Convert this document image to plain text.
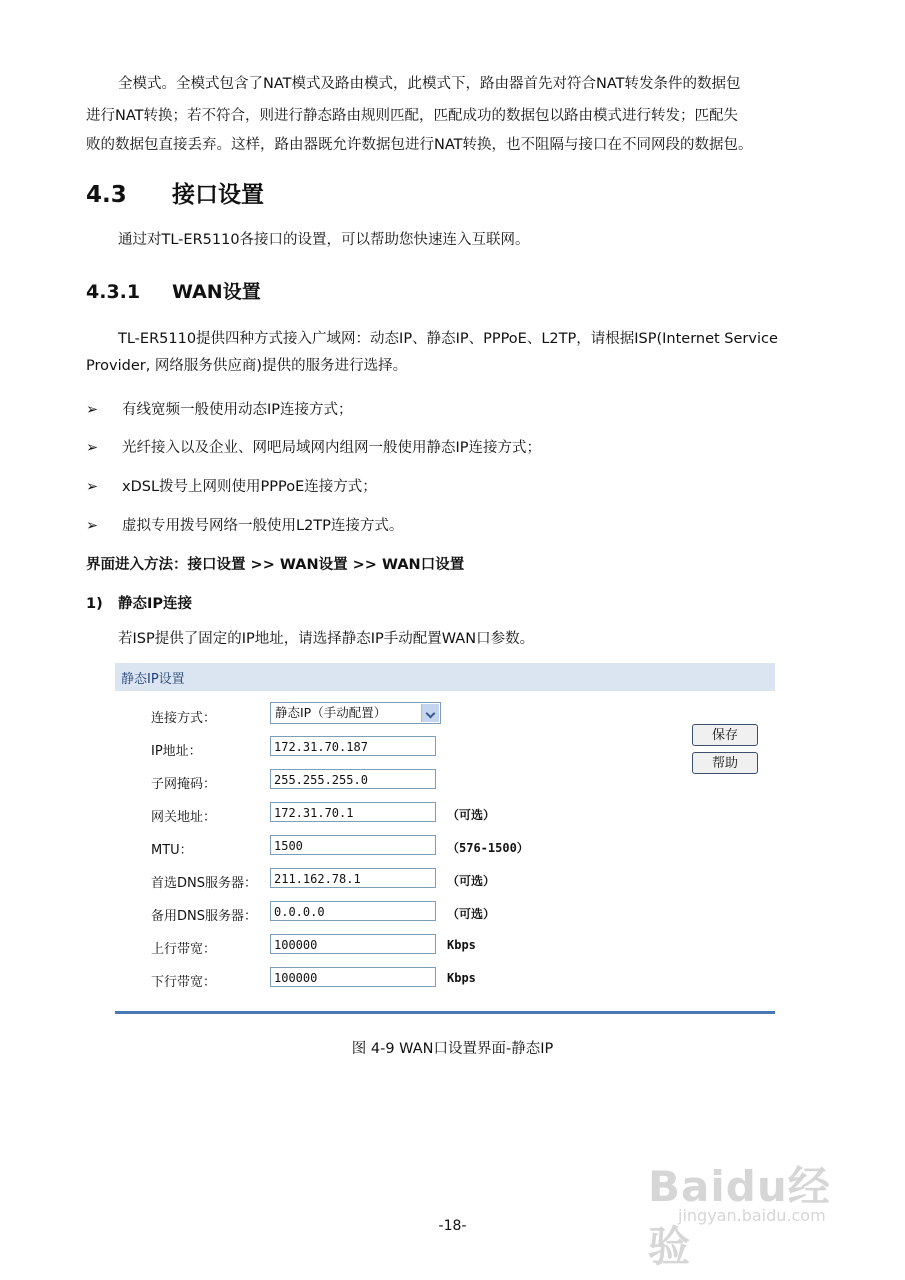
全模式。全模式包含了NAT模式及路由模式，此模式下，路由器首先对符合NAT转发条件的数据包

进行NAT转换；若不符合，则进行静态路由规则匹配，匹配成功的数据包以路由模式进行转发；匹配失

败的数据包直接丢弃。这样，路由器既允许数据包进行NAT转换，也不阻隔与接口在不同网段的数据包。

4.3 接口设置

通过对TL-ER5110各接口的设置，可以帮助您快速连入互联网。

4.3.1 WAN设置

TL-ER5110提供四种方式接入广域网：动态IP、静态IP、PPPoE、L2TP，请根据ISP(Internet Service

Provider, 网络服务供应商)提供的服务进行选择。

➢ 有线宽频一般使用动态IP连接方式；
➢ 光纤接入以及企业、网吧局域网内组网一般使用静态IP连接方式；
➢ xDSL拨号上网则使用PPPoE连接方式；
➢ 虚拟专用拨号网络一般使用L2TP连接方式。
界面进入方法：接口设置 >> WAN设置 >> WAN口设置
1) 静态IP连接

若ISP提供了固定的IP地址，请选择静态IP手动配置WAN口参数。

静态IP设置
连接方式：	静态IP（手动配置）
IP地址：	172.31.70.187
子网掩码：	255.255.255.0
网关地址：	172.31.70.1	（可选）
MTU：	1500	（576-1500）
首选DNS服务器：	211.162.78.1	（可选）
备用DNS服务器：	0.0.0.0	（可选）
上行带宽：	100000	Kbps
下行带宽：	100000	Kbps
保存
帮助
图 4-9 WAN口设置界面-静态IP
-18-
Baidu经验
jingyan.baidu.com
